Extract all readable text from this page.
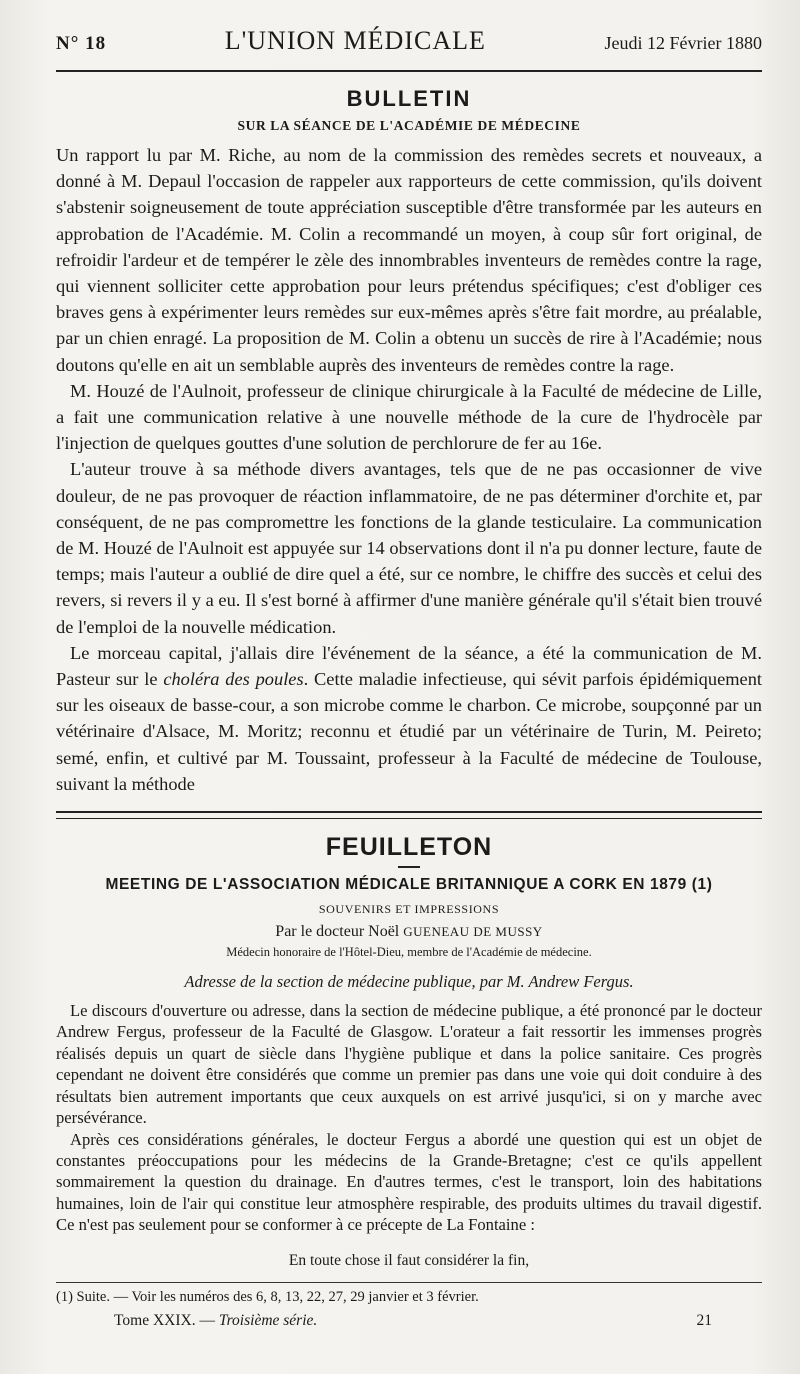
N° 18	L'UNION MÉDICALE	Jeudi 12 Février 1880
BULLETIN
SUR LA SÉANCE DE L'ACADÉMIE DE MÉDECINE

Un rapport lu par M. Riche, au nom de la commission des remèdes secrets et nouveaux, a donné à M. Depaul l'occasion de rappeler aux rapporteurs de cette commission, qu'ils doivent s'abstenir soigneusement de toute appréciation susceptible d'être transformée par les auteurs en approbation de l'Académie. M. Colin a recommandé un moyen, à coup sûr fort original, de refroidir l'ardeur et de tempérer le zèle des innombrables inventeurs de remèdes contre la rage, qui viennent solliciter cette approbation pour leurs prétendus spécifiques; c'est d'obliger ces braves gens à expérimenter leurs remèdes sur eux-mêmes après s'être fait mordre, au préalable, par un chien enragé. La proposition de M. Colin a obtenu un succès de rire à l'Académie; nous doutons qu'elle en ait un semblable auprès des inventeurs de remèdes contre la rage.

M. Houzé de l'Aulnoit, professeur de clinique chirurgicale à la Faculté de médecine de Lille, a fait une communication relative à une nouvelle méthode de la cure de l'hydrocèle par l'injection de quelques gouttes d'une solution de perchlorure de fer au 16e.

L'auteur trouve à sa méthode divers avantages, tels que de ne pas occasionner de vive douleur, de ne pas provoquer de réaction inflammatoire, de ne pas déterminer d'orchite et, par conséquent, de ne pas compromettre les fonctions de la glande testiculaire. La communication de M. Houzé de l'Aulnoit est appuyée sur 14 observations dont il n'a pu donner lecture, faute de temps; mais l'auteur a oublié de dire quel a été, sur ce nombre, le chiffre des succès et celui des revers, si revers il y a eu. Il s'est borné à affirmer d'une manière générale qu'il s'était bien trouvé de l'emploi de la nouvelle médication.

Le morceau capital, j'allais dire l'événement de la séance, a été la communication de M. Pasteur sur le choléra des poules. Cette maladie infectieuse, qui sévit parfois épidémiquement sur les oiseaux de basse-cour, a son microbe comme le charbon. Ce microbe, soupçonné par un vétérinaire d'Alsace, M. Moritz; reconnu et étudié par un vétérinaire de Turin, M. Peireto; semé, enfin, et cultivé par M. Toussaint, professeur à la Faculté de médecine de Toulouse, suivant la méthode

FEUILLETON
MEETING DE L'ASSOCIATION MÉDICALE BRITANNIQUE A CORK EN 1879 (1)
SOUVENIRS ET IMPRESSIONS
Par le docteur Noël GUENEAU DE MUSSY
Médecin honoraire de l'Hôtel-Dieu, membre de l'Académie de médecine.
Adresse de la section de médecine publique, par M. Andrew Fergus.

Le discours d'ouverture ou adresse, dans la section de médecine publique, a été prononcé par le docteur Andrew Fergus, professeur de la Faculté de Glasgow. L'orateur a fait ressortir les immenses progrès réalisés depuis un quart de siècle dans l'hygiène publique et dans la police sanitaire. Ces progrès cependant ne doivent être considérés que comme un premier pas dans une voie qui doit conduire à des résultats bien autrement importants que ceux auxquels on est arrivé jusqu'ici, si on y marche avec persévérance.

Après ces considérations générales, le docteur Fergus a abordé une question qui est un objet de constantes préoccupations pour les médecins de la Grande-Bretagne; c'est ce qu'ils appellent sommairement la question du drainage. En d'autres termes, c'est le transport, loin des habitations humaines, loin de l'air qui constitue leur atmosphère respirable, des produits ultimes du travail digestif. Ce n'est pas seulement pour se conformer à ce précepte de La Fontaine :

En toute chose il faut considérer la fin,
(1) Suite. — Voir les numéros des 6, 8, 13, 22, 27, 29 janvier et 3 février.
Tome XXIX. — Troisième série.	21
